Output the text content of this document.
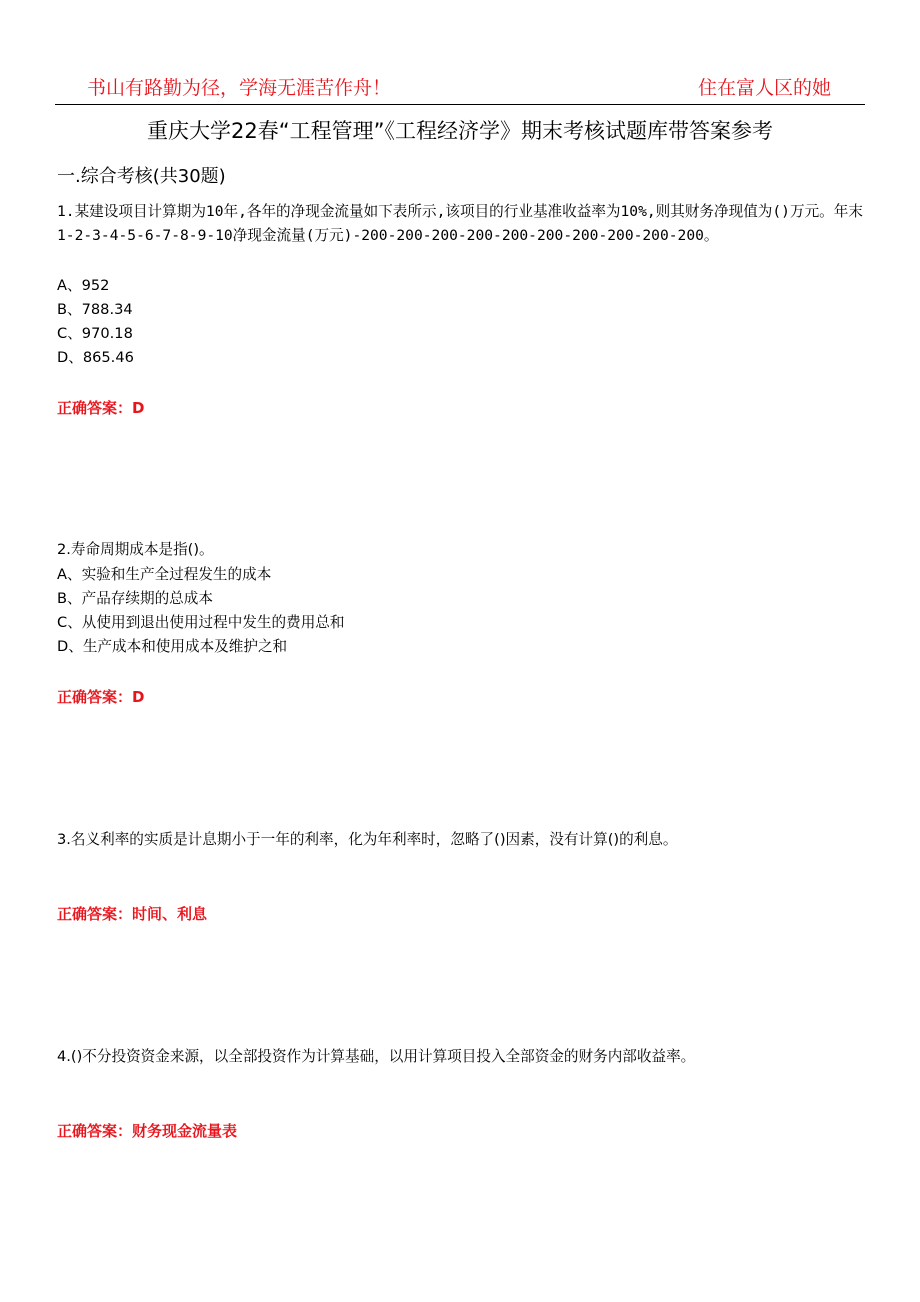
书山有路勤为径，学海无涯苦作舟！	住在富人区的她
重庆大学22春“工程管理”《工程经济学》期末考核试题库带答案参考
一.综合考核(共30题)
1.某建设项目计算期为10年,各年的净现金流量如下表所示,该项目的行业基准收益率为10%,则其财务净现值为()万元。年末1-2-3-4-5-6-7-8-9-10净现金流量(万元)-200-200-200-200-200-200-200-200-200-200。
A、952
B、788.34
C、970.18
D、865.46
正确答案：D
2.寿命周期成本是指()。
A、实验和生产全过程发生的成本
B、产品存续期的总成本
C、从使用到退出使用过程中发生的费用总和
D、生产成本和使用成本及维护之和
正确答案：D
3.名义利率的实质是计息期小于一年的利率，化为年利率时，忽略了()因素，没有计算()的利息。
正确答案：时间、利息
4.()不分投资资金来源，以全部投资作为计算基础，以用计算项目投入全部资金的财务内部收益率。
正确答案：财务现金流量表
